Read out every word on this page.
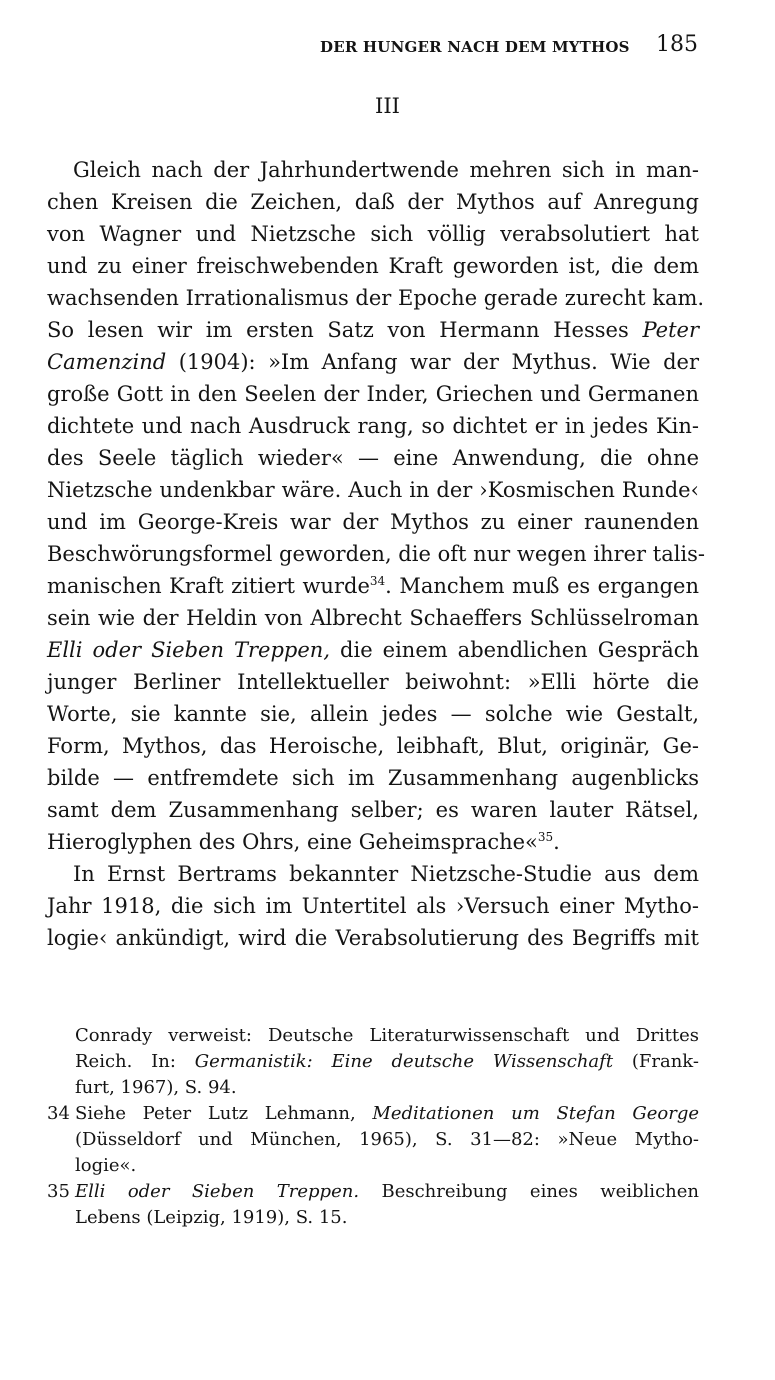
DER HUNGER NACH DEM MYTHOS 185
III
Gleich nach der Jahrhundertwende mehren sich in man-
chen Kreisen die Zeichen, daß der Mythos auf Anregung
von Wagner und Nietzsche sich völlig verabsolutiert hat
und zu einer freischwebenden Kraft geworden ist, die dem
wachsenden Irrationalismus der Epoche gerade zurecht kam.
So lesen wir im ersten Satz von Hermann Hesses Peter
Camenzind (1904): »Im Anfang war der Mythus. Wie der
große Gott in den Seelen der Inder, Griechen und Germanen
dichtete und nach Ausdruck rang, so dichtet er in jedes Kin-
des Seele täglich wieder« — eine Anwendung, die ohne
Nietzsche undenkbar wäre. Auch in der ›Kosmischen Runde‹
und im George-Kreis war der Mythos zu einer raunenden
Beschwörungsformel geworden, die oft nur wegen ihrer talis-
manischen Kraft zitiert wurde$^{34}$. Manchem muß es ergangen
sein wie der Heldin von Albrecht Schaeffers Schlüsselroman
Elli oder Sieben Treppen, die einem abendlichen Gespräch
junger Berliner Intellektueller beiwohnt: »Elli hörte die
Worte, sie kannte sie, allein jedes — solche wie Gestalt,
Form, Mythos, das Heroische, leibhaft, Blut, originär, Ge-
bilde — entfremdete sich im Zusammenhang augenblicks
samt dem Zusammenhang selber; es waren lauter Rätsel,
Hieroglyphen des Ohrs, eine Geheimsprache«$^{35}$.
In Ernst Bertrams bekannter Nietzsche-Studie aus dem
Jahr 1918, die sich im Untertitel als ›Versuch einer Mytho-
logie‹ ankündigt, wird die Verabsolutierung des Begriffs mit
Conrady verweist: Deutsche Literaturwissenschaft und Drittes
Reich. In: Germanistik: Eine deutsche Wissenschaft (Frank-
furt, 1967), S. 94.
34 Siehe Peter Lutz Lehmann, Meditationen um Stefan George
(Düsseldorf und München, 1965), S. 31—82: »Neue Mytho-
logie«.
35 Elli oder Sieben Treppen. Beschreibung eines weiblichen
Lebens (Leipzig, 1919), S. 15.
